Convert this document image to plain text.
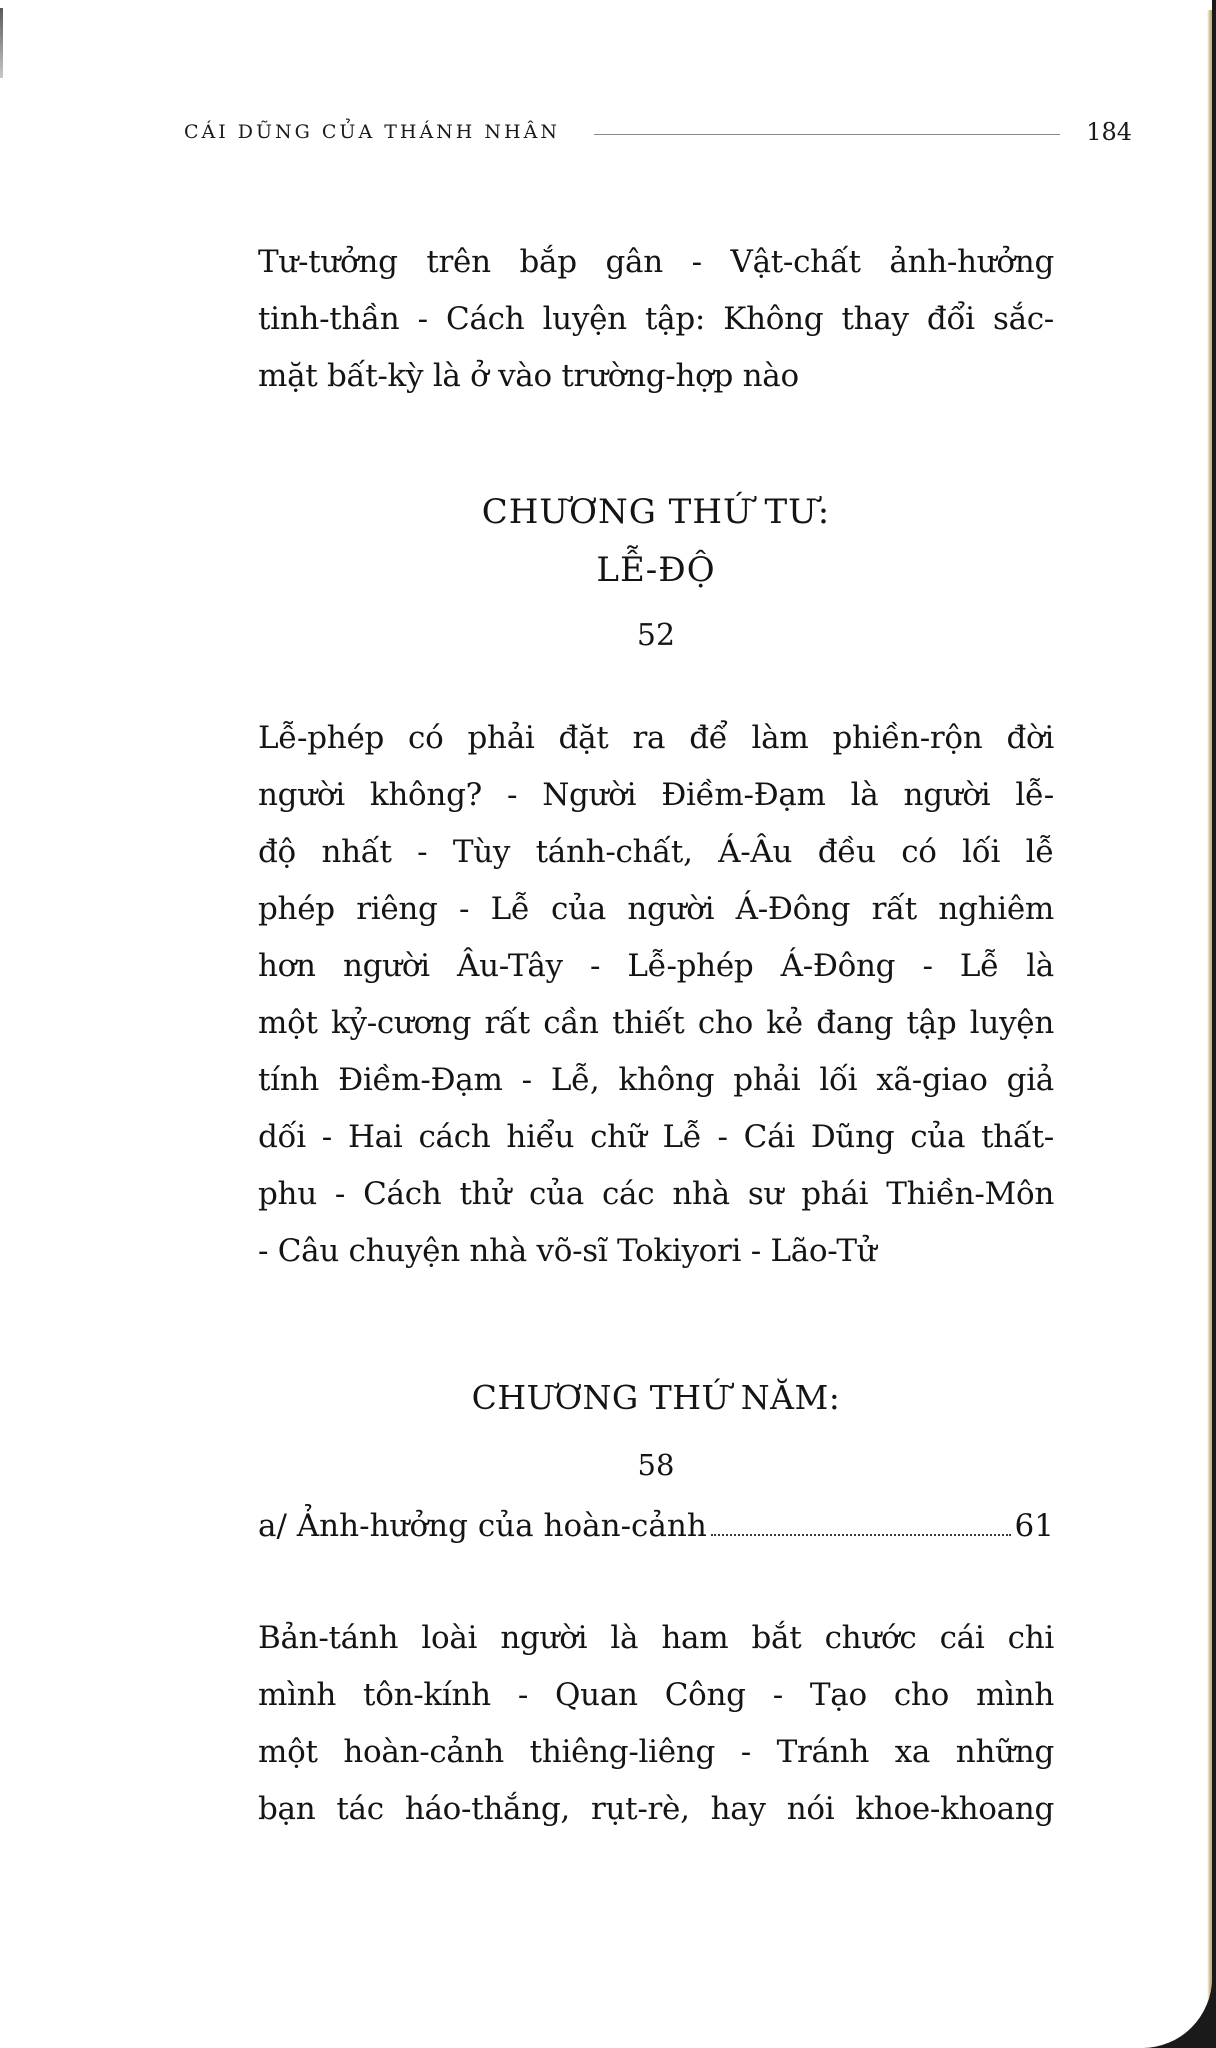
CÁI DŨNG CỦA THÁNH NHÂN	184
Tư-tưởng trên bắp gân - Vật-chất ảnh-hưởng
tinh-thần - Cách luyện tập: Không thay đổi sắc-
mặt bất-kỳ là ở vào trường-hợp nào
CHƯƠNG THỨ TƯ:
LỄ-ĐỘ
52
Lễ-phép có phải đặt ra để làm phiền-rộn đời
người không? - Người Điềm-Đạm là người lễ-
độ nhất - Tùy tánh-chất, Á-Âu đều có lối lễ
phép riêng - Lễ của người Á-Đông rất nghiêm
hơn người Âu-Tây - Lễ-phép Á-Đông - Lễ là
một kỷ-cương rất cần thiết cho kẻ đang tập luyện
tính Điềm-Đạm - Lễ, không phải lối xã-giao giả
dối - Hai cách hiểu chữ Lễ - Cái Dũng của thất-
phu - Cách thử của các nhà sư phái Thiền-Môn
- Câu chuyện nhà võ-sĩ Tokiyori - Lão-Tử
CHƯƠNG THỨ NĂM:
58
a/ Ảnh-hưởng của hoàn-cảnh	61
Bản-tánh loài người là ham bắt chước cái chi
mình tôn-kính - Quan Công - Tạo cho mình
một hoàn-cảnh thiêng-liêng - Tránh xa những
bạn tác háo-thắng, rụt-rè, hay nói khoe-khoang
